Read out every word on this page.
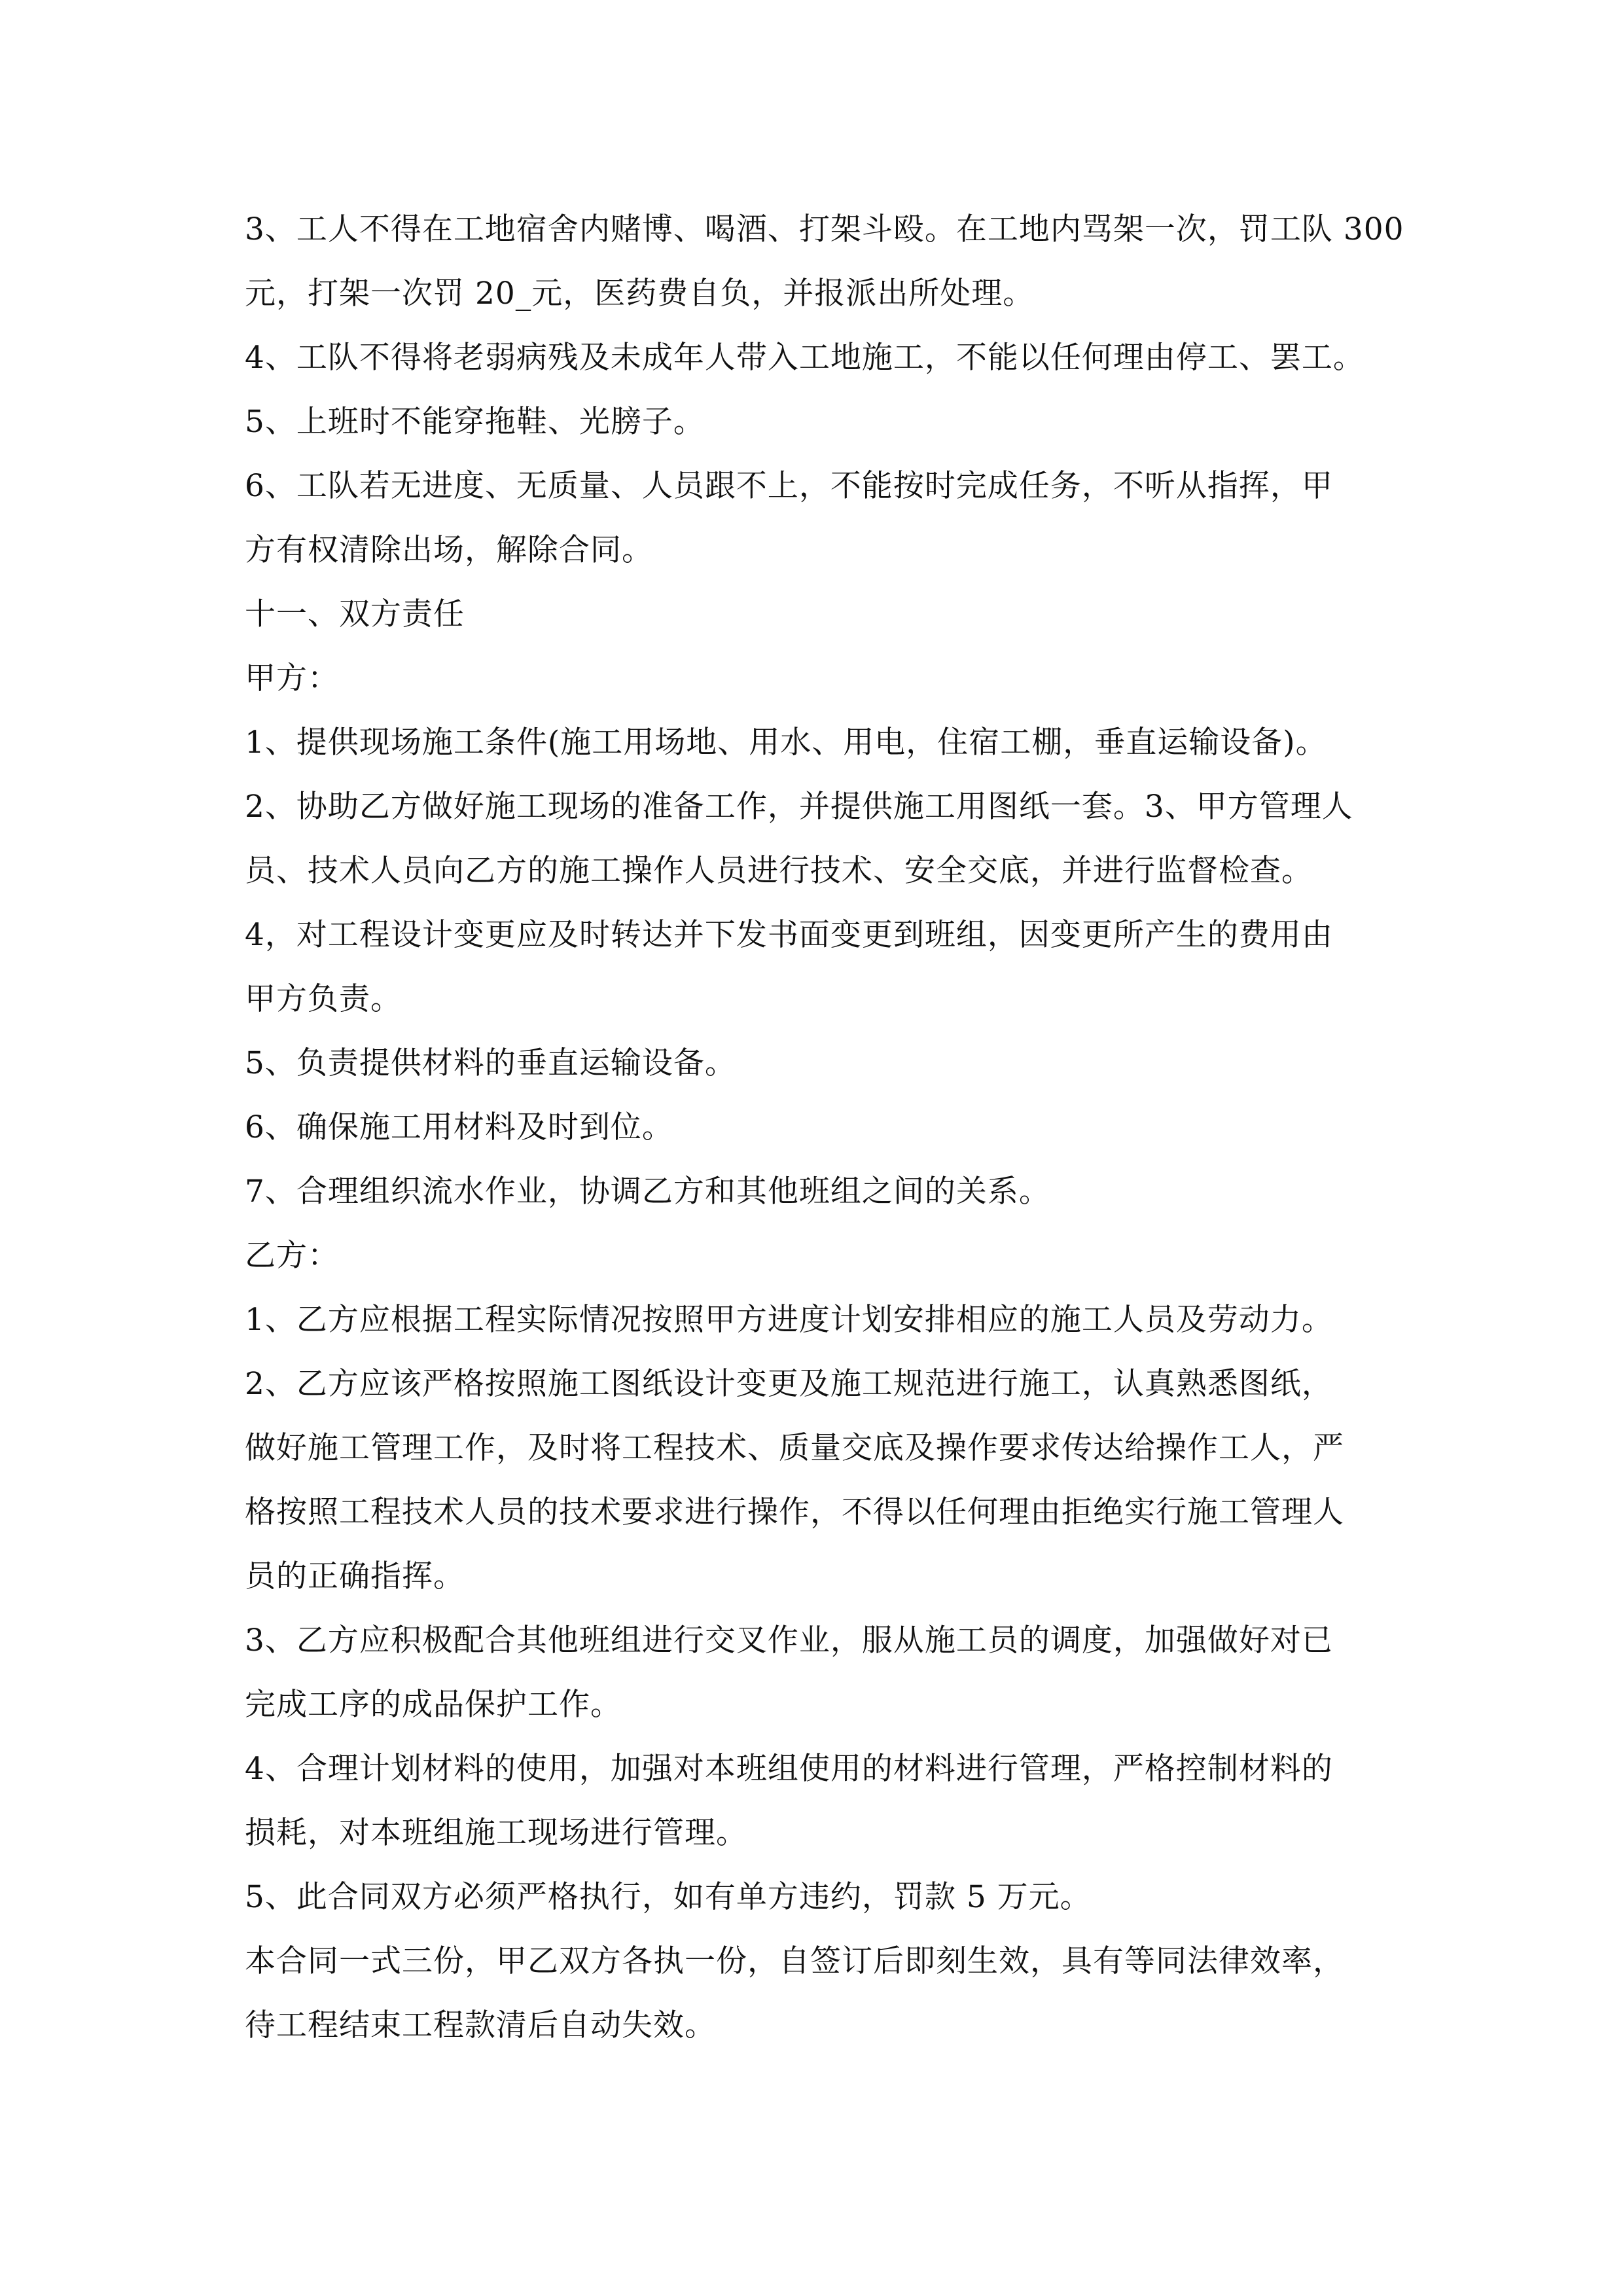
3、工人不得在工地宿舍内赌博、喝酒、打架斗殴。在工地内骂架一次，罚工队 300
元，打架一次罚 20_元，医药费自负，并报派出所处理。
4、工队不得将老弱病残及未成年人带入工地施工，不能以任何理由停工、罢工。
5、上班时不能穿拖鞋、光膀子。
6、工队若无进度、无质量、人员跟不上，不能按时完成任务，不听从指挥，甲
方有权清除出场，解除合同。
十一、双方责任
甲方：
1、提供现场施工条件(施工用场地、用水、用电，住宿工棚，垂直运输设备)。
2、协助乙方做好施工现场的准备工作，并提供施工用图纸一套。3、甲方管理人
员、技术人员向乙方的施工操作人员进行技术、安全交底，并进行监督检查。
4，对工程设计变更应及时转达并下发书面变更到班组，因变更所产生的费用由
甲方负责。
5、负责提供材料的垂直运输设备。
6、确保施工用材料及时到位。
7、合理组织流水作业，协调乙方和其他班组之间的关系。
乙方：
1、乙方应根据工程实际情况按照甲方进度计划安排相应的施工人员及劳动力。
2、乙方应该严格按照施工图纸设计变更及施工规范进行施工，认真熟悉图纸，
做好施工管理工作，及时将工程技术、质量交底及操作要求传达给操作工人，严
格按照工程技术人员的技术要求进行操作，不得以任何理由拒绝实行施工管理人
员的正确指挥。
3、乙方应积极配合其他班组进行交叉作业，服从施工员的调度，加强做好对已
完成工序的成品保护工作。
4、合理计划材料的使用，加强对本班组使用的材料进行管理，严格控制材料的
损耗，对本班组施工现场进行管理。
5、此合同双方必须严格执行，如有单方违约，罚款 5 万元。
本合同一式三份，甲乙双方各执一份，自签订后即刻生效，具有等同法律效率，
待工程结束工程款清后自动失效。
